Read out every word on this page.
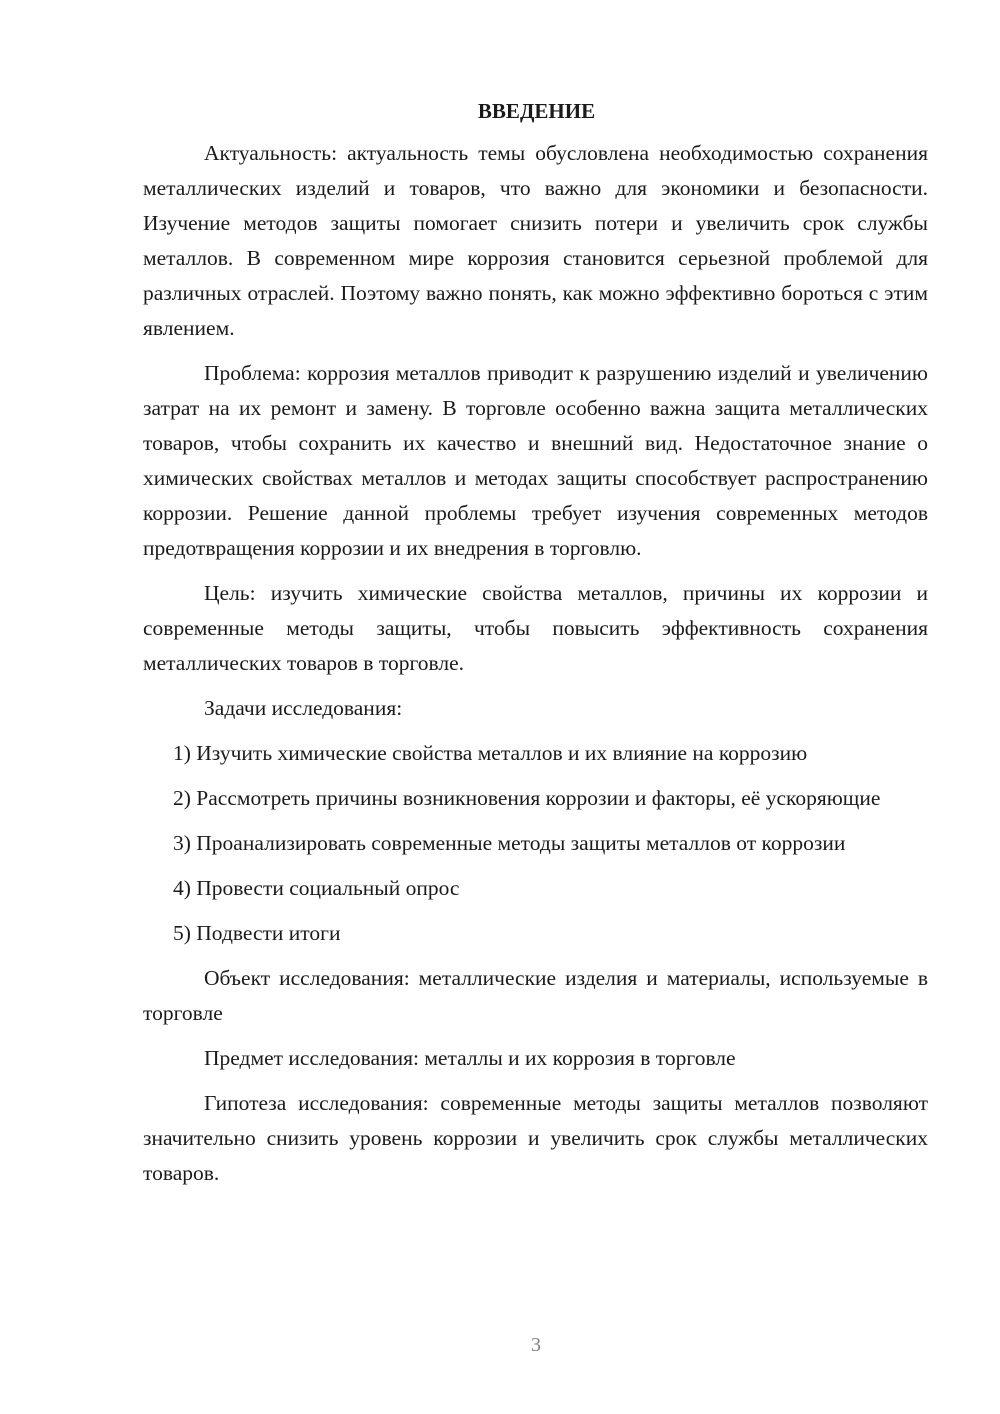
ВВЕДЕНИЕ

Актуальность: актуальность темы обусловлена необходимостью сохранения металлических изделий и товаров, что важно для экономики и безопасности. Изучение методов защиты помогает снизить потери и увеличить срок службы металлов. В современном мире коррозия становится серьезной проблемой для различных отраслей. Поэтому важно понять, как можно эффективно бороться с этим явлением.

Проблема: коррозия металлов приводит к разрушению изделий и увеличению затрат на их ремонт и замену. В торговле особенно важна защита металлических товаров, чтобы сохранить их качество и внешний вид. Недостаточное знание о химических свойствах металлов и методах защиты способствует распространению коррозии. Решение данной проблемы требует изучения современных методов предотвращения коррозии и их внедрения в торговлю.

Цель: изучить химические свойства металлов, причины их коррозии и современные методы защиты, чтобы повысить эффективность сохранения металлических товаров в торговле.

Задачи исследования:

1) Изучить химические свойства металлов и их влияние на коррозию

2) Рассмотреть причины возникновения коррозии и факторы, её ускоряющие

3) Проанализировать современные методы защиты металлов от коррозии

4) Провести социальный опрос

5) Подвести итоги

Объект исследования: металлические изделия и материалы, используемые в торговле

Предмет исследования: металлы и их коррозия в торговле

Гипотеза исследования: современные методы защиты металлов позволяют значительно снизить уровень коррозии и увеличить срок службы металлических товаров.

3
